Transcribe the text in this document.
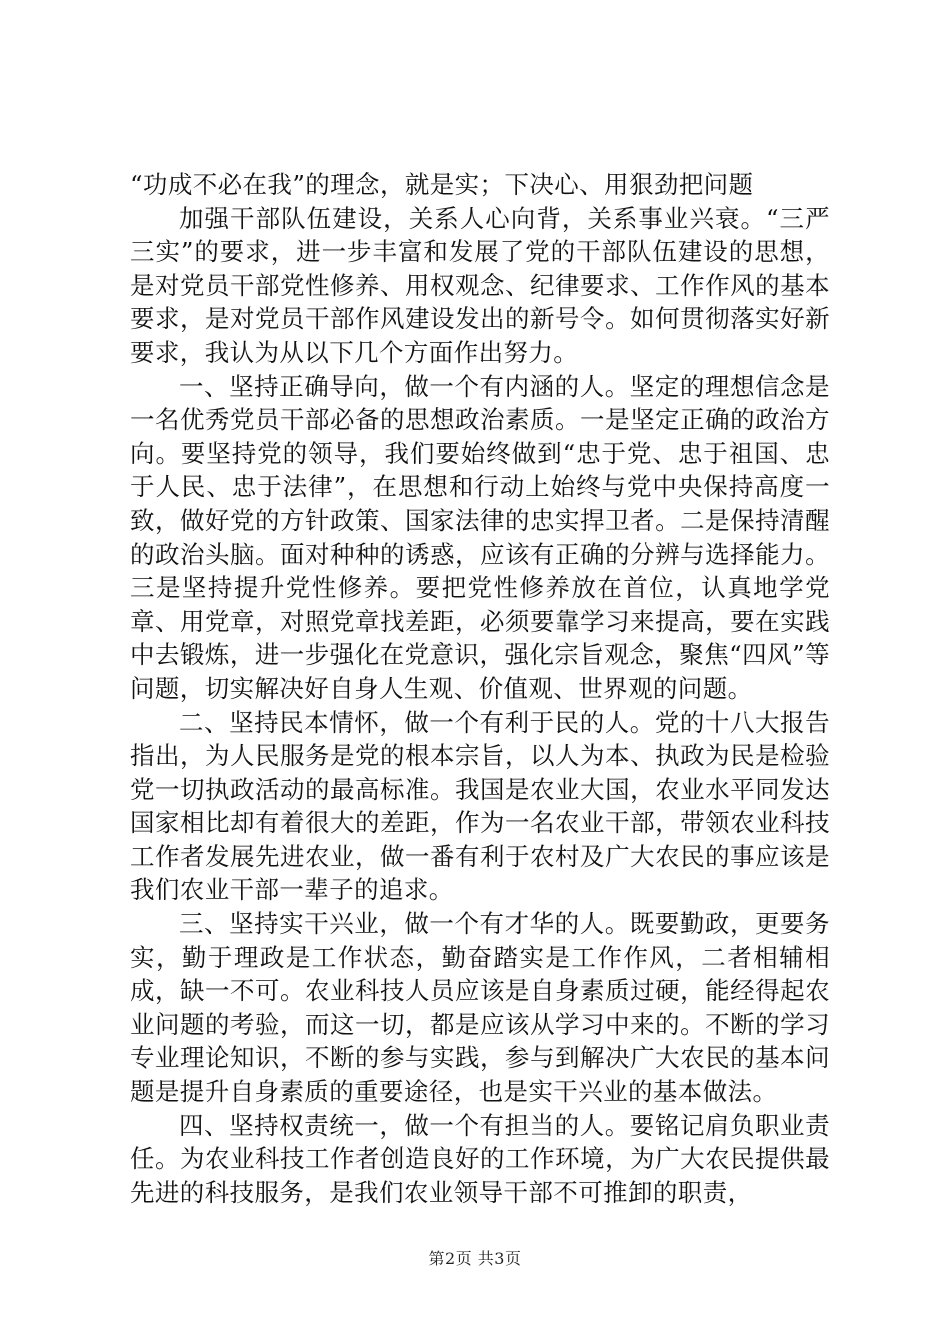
“功成不必在我”的理念，就是实；下决心、用狠劲把问题

加强干部队伍建设，关系人心向背，关系事业兴衰。“三严三实”的要求，进一步丰富和发展了党的干部队伍建设的思想，是对党员干部党性修养、用权观念、纪律要求、工作作风的基本要求，是对党员干部作风建设发出的新号令。如何贯彻落实好新要求，我认为从以下几个方面作出努力。

一、坚持正确导向，做一个有内涵的人。坚定的理想信念是一名优秀党员干部必备的思想政治素质。一是坚定正确的政治方向。要坚持党的领导，我们要始终做到“忠于党、忠于祖国、忠于人民、忠于法律”，在思想和行动上始终与党中央保持高度一致，做好党的方针政策、国家法律的忠实捍卫者。二是保持清醒的政治头脑。面对种种的诱惑，应该有正确的分辨与选择能力。三是坚持提升党性修养。要把党性修养放在首位，认真地学党章、用党章，对照党章找差距，必须要靠学习来提高，要在实践中去锻炼，进一步强化在党意识，强化宗旨观念，聚焦“四风”等问题，切实解决好自身人生观、价值观、世界观的问题。

二、坚持民本情怀，做一个有利于民的人。党的十八大报告指出，为人民服务是党的根本宗旨，以人为本、执政为民是检验党一切执政活动的最高标准。我国是农业大国，农业水平同发达国家相比却有着很大的差距，作为一名农业干部，带领农业科技工作者发展先进农业，做一番有利于农村及广大农民的事应该是我们农业干部一辈子的追求。

三、坚持实干兴业，做一个有才华的人。既要勤政，更要务实，勤于理政是工作状态，勤奋踏实是工作作风，二者相辅相成，缺一不可。农业科技人员应该是自身素质过硬，能经得起农业问题的考验，而这一切，都是应该从学习中来的。不断的学习专业理论知识，不断的参与实践，参与到解决广大农民的基本问题是提升自身素质的重要途径，也是实干兴业的基本做法。

四、坚持权责统一，做一个有担当的人。要铭记肩负职业责任。为农业科技工作者创造良好的工作环境，为广大农民提供最先进的科技服务，是我们农业领导干部不可推卸的职责，

第2页 共3页
